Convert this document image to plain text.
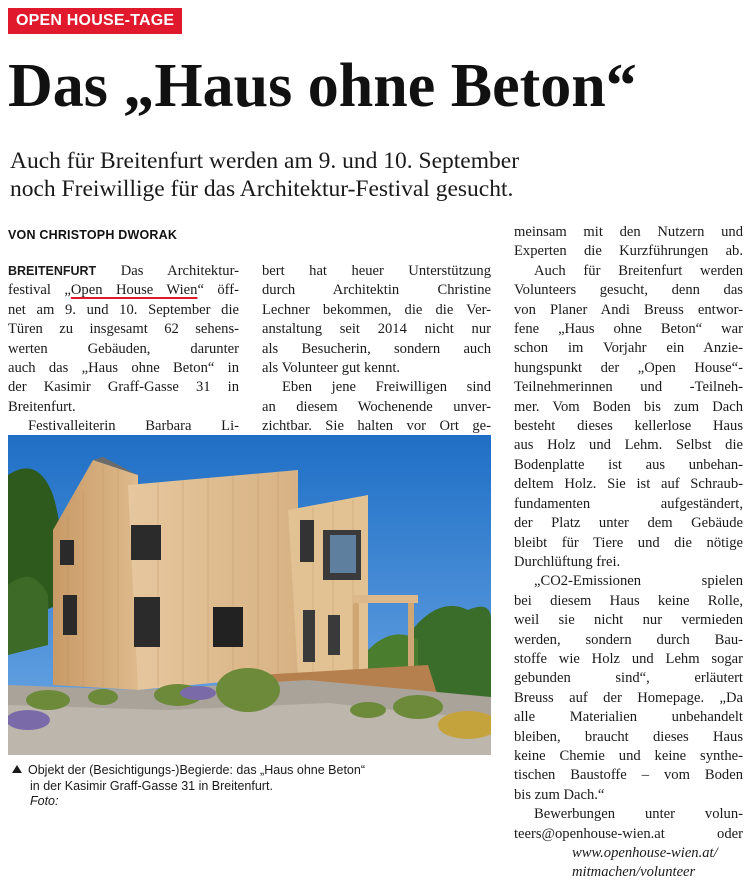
OPEN HOUSE-TAGE
Das „Haus ohne Beton“
Auch für Breitenfurt werden am 9. und 10. September
noch Freiwillige für das Architektur-Festival gesucht.
VON CHRISTOPH DWORAK
BREITENFURT Das Architektur-
festival „Open House Wien“ öff-
net am 9. und 10. September die
Türen zu insgesamt 62 sehens-
werten Gebäuden, darunter
auch das „Haus ohne Beton“ in
der Kasimir Graff-Gasse 31 in
Breitenfurt.
Festivalleiterin Barbara Li-
bert hat heuer Unterstützung
durch Architektin Christine
Lechner bekommen, die die Ver-
anstaltung seit 2014 nicht nur
als Besucherin, sondern auch
als Volunteer gut kennt.
Eben jene Freiwilligen sind
an diesem Wochenende unver-
zichtbar. Sie halten vor Ort ge-
meinsam mit den Nutzern und
Experten die Kurzführungen ab.
Auch für Breitenfurt werden
Volunteers gesucht, denn das
von Planer Andi Breuss entwor-
fene „Haus ohne Beton“ war
schon im Vorjahr ein Anzie-
hungspunkt der „Open House“-
Teilnehmerinnen und -Teilneh-
mer. Vom Boden bis zum Dach
besteht dieses kellerlose Haus
aus Holz und Lehm. Selbst die
Bodenplatte ist aus unbehan-
deltem Holz. Sie ist auf Schraub-
fundamenten aufgeständert,
der Platz unter dem Gebäude
bleibt für Tiere und die nötige
Durchlüftung frei.
„CO2-Emissionen spielen
bei diesem Haus keine Rolle,
weil sie nicht nur vermieden
werden, sondern durch Bau-
stoffe wie Holz und Lehm sogar
gebunden sind“, erläutert
Breuss auf der Homepage. „Da
alle Materialien unbehandelt
bleiben, braucht dieses Haus
keine Chemie und keine synthe-
tischen Baustoffe – vom Boden
bis zum Dach.“
Bewerbungen unter volun-
teers@openhouse-wien.at oder
www.openhouse-wien.at/
mitmachen/volunteer
Objekt der (Besichtigungs-)Begierde: das „Haus ohne Beton“
in der Kasimir Graff-Gasse 31 in Breitenfurt.
Foto:
